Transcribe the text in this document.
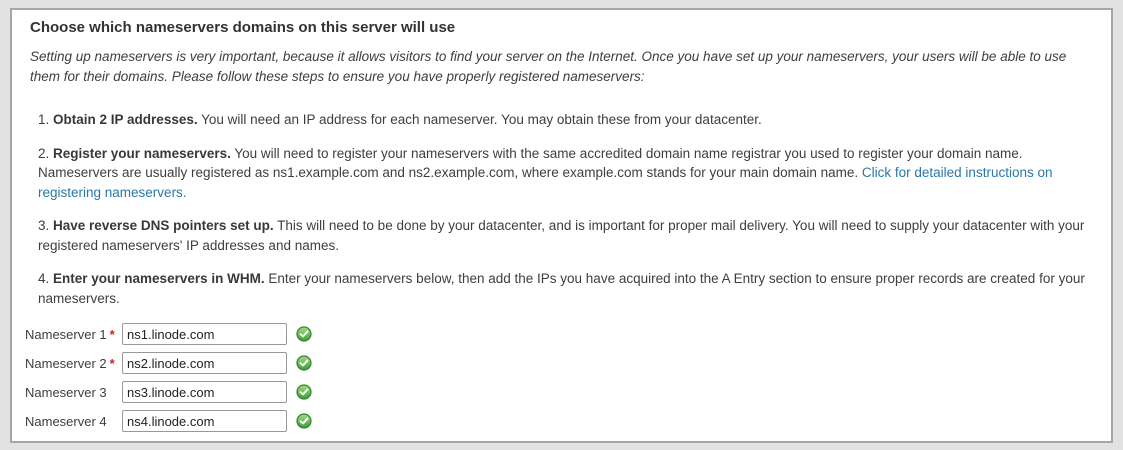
Choose which nameservers domains on this server will use

Setting up nameservers is very important, because it allows visitors to find your server on the Internet. Once you have set up your nameservers, your users will be able to use them for their domains. Please follow these steps to ensure you have properly registered nameservers:

1. Obtain 2 IP addresses. You will need an IP address for each nameserver. You may obtain these from your datacenter.

2. Register your nameservers. You will need to register your nameservers with the same accredited domain name registrar you used to register your domain name. Nameservers are usually registered as ns1.example.com and ns2.example.com, where example.com stands for your main domain name. Click for detailed instructions on registering nameservers.

3. Have reverse DNS pointers set up. This will need to be done by your datacenter, and is important for proper mail delivery. You will need to supply your datacenter with your registered nameservers' IP addresses and names.

4. Enter your nameservers in WHM. Enter your nameservers below, then add the IPs you have acquired into the A Entry section to ensure proper records are created for your nameservers.

Nameserver 1 *
ns1.linode.com
Nameserver 2 *
ns2.linode.com
Nameserver 3
ns3.linode.com
Nameserver 4
ns4.linode.com
